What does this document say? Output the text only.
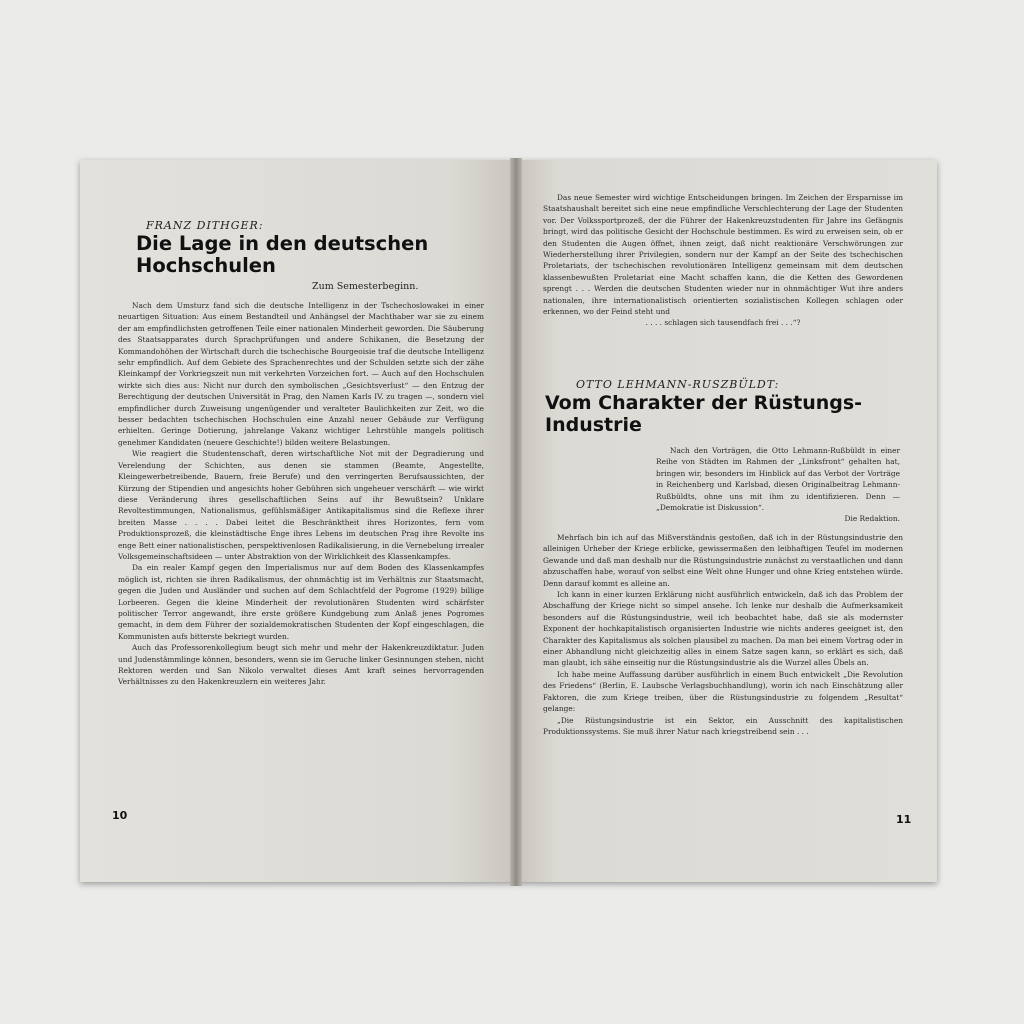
FRANZ DITHGER:
Die Lage in den deutschen
Hochschulen
Zum Semesterbeginn.

Nach dem Umsturz fand sich die deutsche Intelligenz in der Tschechoslowakei in einer neuartigen Situation: Aus einem Bestandteil und Anhängsel der Machthaber war sie zu einem der am empfindlichsten getroffenen Teile einer nationalen Minderheit geworden. Die Säuberung des Staatsapparates durch Sprachprüfungen und andere Schikanen, die Besetzung der Kommandohöhen der Wirtschaft durch die tschechische Bourgeoisie traf die deutsche Intelligenz sehr empfindlich. Auf dem Gebiete des Sprachenrechtes und der Schulden setzte sich der zähe Kleinkampf der Vorkriegszeit nun mit verkehrten Vorzeichen fort. — Auch auf den Hochschulen wirkte sich dies aus: Nicht nur durch den symbolischen „Gesichtsverlust“ — den Entzug der Berechtigung der deutschen Universität in Prag, den Namen Karls IV. zu tragen —, sondern viel empfindlicher durch Zuweisung ungenügender und veralteter Baulichkeiten zur Zeit, wo die besser bedachten tschechischen Hochschulen eine Anzahl neuer Gebäude zur Verfügung erhielten. Geringe Dotierung, jahrelange Vakanz wichtiger Lehrstühle mangels politisch genehmer Kandidaten (neuere Geschichte!) bilden weitere Belastungen.

Wie reagiert die Studentenschaft, deren wirtschaftliche Not mit der Degradierung und Verelendung der Schichten, aus denen sie stammen (Beamte, Angestellte, Kleingewerbetreibende, Bauern, freie Berufe) und den verringerten Berufsaussichten, der Kürzung der Stipendien und angesichts hoher Gebühren sich ungeheuer verschärft — wie wirkt diese Veränderung ihres gesellschaftlichen Seins auf ihr Bewußtsein? Unklare Revoltestimmungen, Nationalismus, gefühlsmäßiger Antikapitalismus sind die Reflexe ihrer breiten Masse . . . . Dabei leitet die Beschränktheit ihres Horizontes, fern vom Produktionsprozeß, die kleinstädtische Enge ihres Lebens im deutschen Prag ihre Revolte ins enge Bett einer nationalistischen, perspektivenlosen Radikalisierung, in die Vernebelung irrealer Volksgemeinschaftsideen — unter Abstraktion von der Wirklichkeit des Klassenkampfes.

Da ein realer Kampf gegen den Imperialismus nur auf dem Boden des Klassenkampfes möglich ist, richten sie ihren Radikalismus, der ohnmächtig ist im Verhältnis zur Staatsmacht, gegen die Juden und Ausländer und suchen auf dem Schlachtfeld der Pogrome (1929) billige Lorbeeren. Gegen die kleine Minderheit der revolutionären Studenten wird schärfster politischer Terror angewandt, ihre erste größere Kundgebung zum Anlaß jenes Pogromes gemacht, in dem dem Führer der sozialdemokratischen Studenten der Kopf eingeschlagen, die Kommunisten aufs bitterste bekriegt wurden.

Auch das Professorenkollegium beugt sich mehr und mehr der Hakenkreuzdiktatur. Juden und Judenstämmlinge können, besonders, wenn sie im Geruche linker Gesinnungen stehen, nicht Rektoren werden und San Nikolo verwaltet dieses Amt kraft seines hervorragenden Verhältnisses zu den Hakenkreuzlern ein weiteres Jahr.

10

Das neue Semester wird wichtige Entscheidungen bringen. Im Zeichen der Ersparnisse im Staatshaushalt bereitet sich eine neue empfindliche Verschlechterung der Lage der Studenten vor. Der Volkssportprozeß, der die Führer der Hakenkreuzstudenten für Jahre ins Gefängnis bringt, wird das politische Gesicht der Hochschule bestimmen. Es wird zu erweisen sein, ob er den Studenten die Augen öffnet, ihnen zeigt, daß nicht reaktionäre Verschwörungen zur Wiederherstellung ihrer Privilegien, sondern nur der Kampf an der Seite des tschechischen Proletariats, der tschechischen revolutionären Intelligenz gemeinsam mit dem deutschen klassenbewußten Proletariat eine Macht schaffen kann, die die Ketten des Gewordenen sprengt . . . Werden die deutschen Studenten wieder nur in ohnmächtiger Wut ihre anders nationalen, ihre internationalistisch orientierten sozialistischen Kollegen schlagen oder erkennen, wo der Feind steht und

. . . . schlagen sich tausendfach frei . . .“?

OTTO LEHMANN-RUSZBÜLDT:
Vom Charakter der Rüstungs-
Industrie

Nach den Vorträgen, die Otto Lehmann-Rußbüldt in einer Reihe von Städten im Rahmen der „Linksfront“ gehalten hat, bringen wir, besonders im Hinblick auf das Verbot der Vorträge in Reichenberg und Karlsbad, diesen Originalbeitrag Lehmann-Rußbüldts, ohne uns mit ihm zu identifizieren. Denn — „Demokratie ist Diskussion“.

Die Redaktion.

Mehrfach bin ich auf das Mißverständnis gestoßen, daß ich in der Rüstungsindustrie den alleinigen Urheber der Kriege erblicke, gewissermaßen den leibhaftigen Teufel im modernen Gewande und daß man deshalb nur die Rüstungsindustrie zunächst zu verstaatlichen und dann abzuschaffen habe, worauf von selbst eine Welt ohne Hunger und ohne Krieg entstehen würde. Denn darauf kommt es alleine an.

Ich kann in einer kurzen Erklärung nicht ausführlich entwickeln, daß ich das Problem der Abschaffung der Kriege nicht so simpel ansehe. Ich lenke nur deshalb die Aufmerksamkeit besonders auf die Rüstungsindustrie, weil ich beobachtet habe, daß sie als modernster Exponent der hochkapitalistisch organisierten Industrie wie nichts anderes geeignet ist, den Charakter des Kapitalismus als solchen plausibel zu machen. Da man bei einem Vortrag oder in einer Abhandlung nicht gleichzeitig alles in einem Satze sagen kann, so erklärt es sich, daß man glaubt, ich sähe einseitig nur die Rüstungsindustrie als die Wurzel alles Übels an.

Ich habe meine Auffassung darüber ausführlich in einem Buch entwickelt „Die Revolution des Friedens“ (Berlin, E. Laubsche Verlagsbuchhandlung), worin ich nach Einschätzung aller Faktoren, die zum Kriege treiben, über die Rüstungsindustrie zu folgendem „Resultat“ gelange:

„Die Rüstungsindustrie ist ein Sektor, ein Ausschnitt des kapitalistischen Produktionssystems. Sie muß ihrer Natur nach kriegstreibend sein . . .

11
